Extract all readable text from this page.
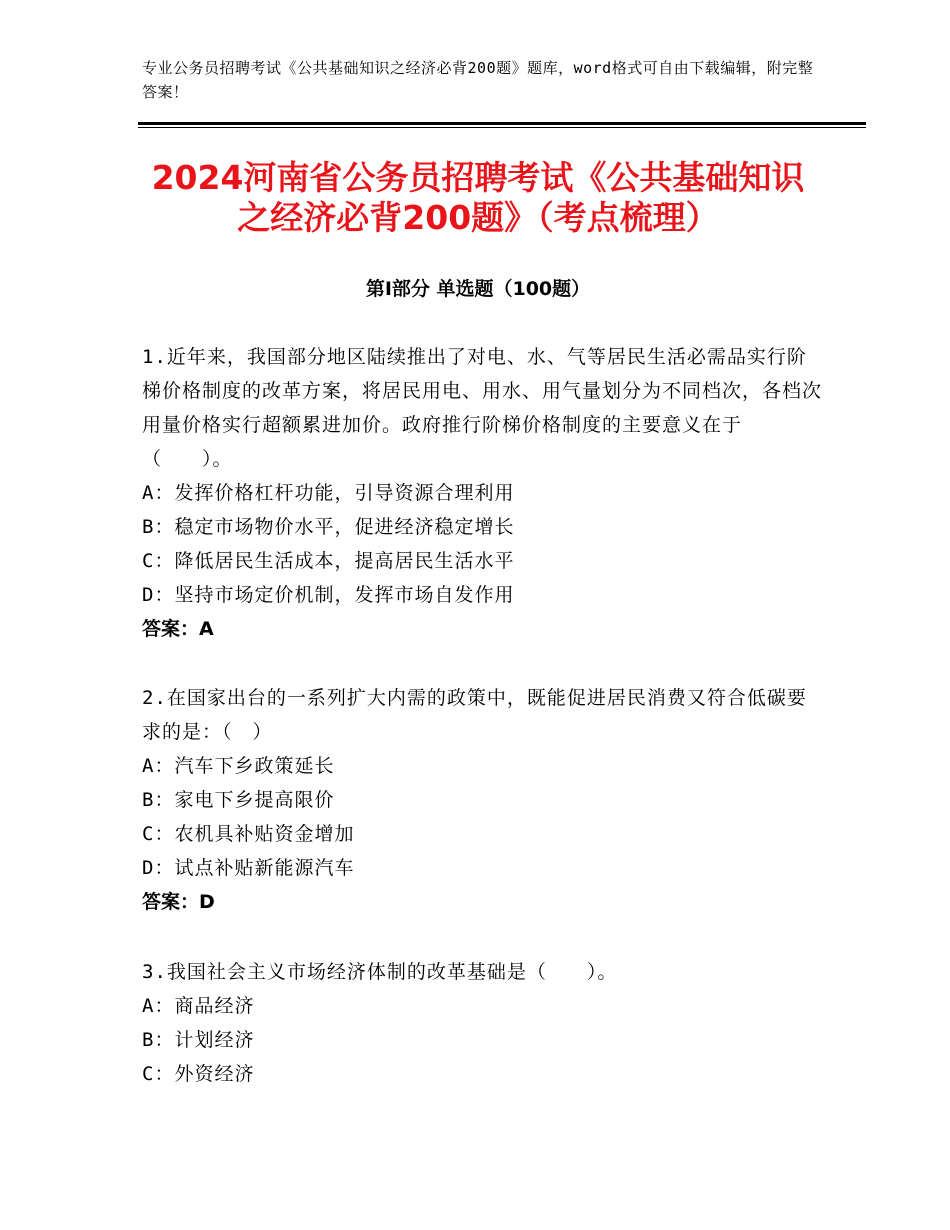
专业公务员招聘考试《公共基础知识之经济必背200题》题库，word格式可自由下载编辑，附完整答案！
2024河南省公务员招聘考试《公共基础知识之经济必背200题》（考点梳理）
第Ⅰ部分 单选题（100题）
1.近年来，我国部分地区陆续推出了对电、水、气等居民生活必需品实行阶梯价格制度的改革方案，将居民用电、用水、用气量划分为不同档次，各档次用量价格实行超额累进加价。政府推行阶梯价格制度的主要意义在于（　　）。
A：发挥价格杠杆功能，引导资源合理利用
B：稳定市场物价水平，促进经济稳定增长
C：降低居民生活成本，提高居民生活水平
D：坚持市场定价机制，发挥市场自发作用
答案：A
2.在国家出台的一系列扩大内需的政策中，既能促进居民消费又符合低碳要求的是：（　）
A：汽车下乡政策延长
B：家电下乡提高限价
C：农机具补贴资金增加
D：试点补贴新能源汽车
答案：D
3.我国社会主义市场经济体制的改革基础是（　　）。
A：商品经济
B：计划经济
C：外资经济
